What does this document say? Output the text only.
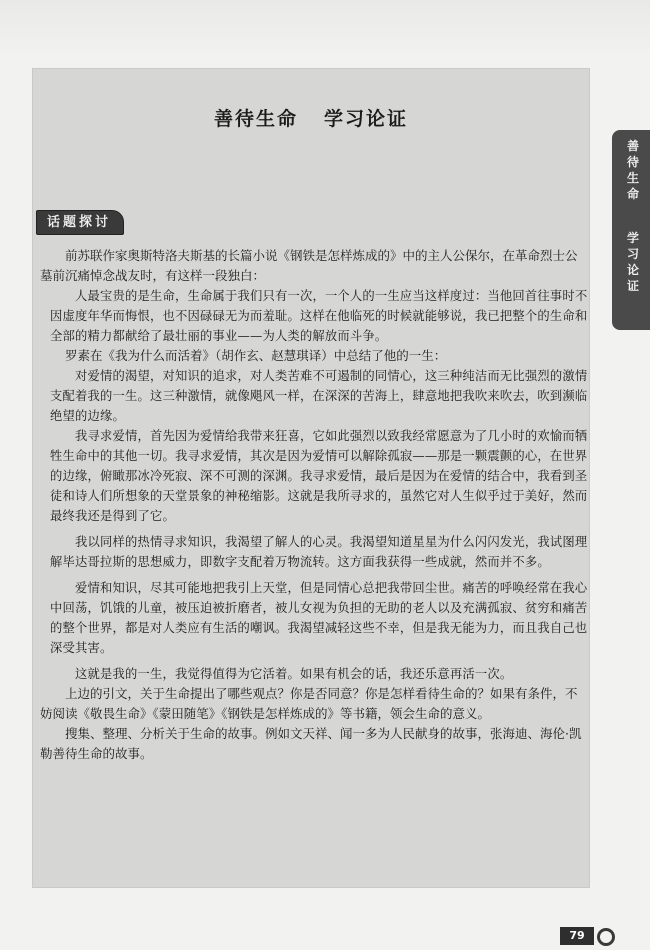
善待生命 学习论证
话题探讨
善待生命
学习论证

前苏联作家奥斯特洛夫斯基的长篇小说《钢铁是怎样炼成的》中的主人公保尔，在革命烈士公墓前沉痛悼念战友时，有这样一段独白：

人最宝贵的是生命，生命属于我们只有一次，一个人的一生应当这样度过：当他回首往事时不因虚度年华而悔恨，也不因碌碌无为而羞耻。这样在他临死的时候就能够说，我已把整个的生命和全部的精力都献给了最壮丽的事业——为人类的解放而斗争。

罗素在《我为什么而活着》（胡作玄、赵慧琪译）中总结了他的一生：

对爱情的渴望，对知识的追求，对人类苦难不可遏制的同情心，这三种纯洁而无比强烈的激情支配着我的一生。这三种激情，就像飓风一样，在深深的苦海上，肆意地把我吹来吹去，吹到濒临绝望的边缘。

我寻求爱情，首先因为爱情给我带来狂喜，它如此强烈以致我经常愿意为了几小时的欢愉而牺牲生命中的其他一切。我寻求爱情，其次是因为爱情可以解除孤寂——那是一颗震颤的心，在世界的边缘，俯瞰那冰冷死寂、深不可测的深渊。我寻求爱情，最后是因为在爱情的结合中，我看到圣徒和诗人们所想象的天堂景象的神秘缩影。这就是我所寻求的，虽然它对人生似乎过于美好，然而最终我还是得到了它。

我以同样的热情寻求知识，我渴望了解人的心灵。我渴望知道星星为什么闪闪发光，我试图理解毕达哥拉斯的思想威力，即数字支配着万物流转。这方面我获得一些成就，然而并不多。

爱情和知识，尽其可能地把我引上天堂，但是同情心总把我带回尘世。痛苦的呼唤经常在我心中回荡，饥饿的儿童，被压迫被折磨者，被儿女视为负担的无助的老人以及充满孤寂、贫穷和痛苦的整个世界，都是对人类应有生活的嘲讽。我渴望减轻这些不幸，但是我无能为力，而且我自己也深受其害。

这就是我的一生，我觉得值得为它活着。如果有机会的话，我还乐意再活一次。

上边的引文，关于生命提出了哪些观点？你是否同意？你是怎样看待生命的？如果有条件，不妨阅读《敬畏生命》《蒙田随笔》《钢铁是怎样炼成的》等书籍，领会生命的意义。

搜集、整理、分析关于生命的故事。例如文天祥、闻一多为人民献身的故事，张海迪、海伦·凯勒善待生命的故事。

79
